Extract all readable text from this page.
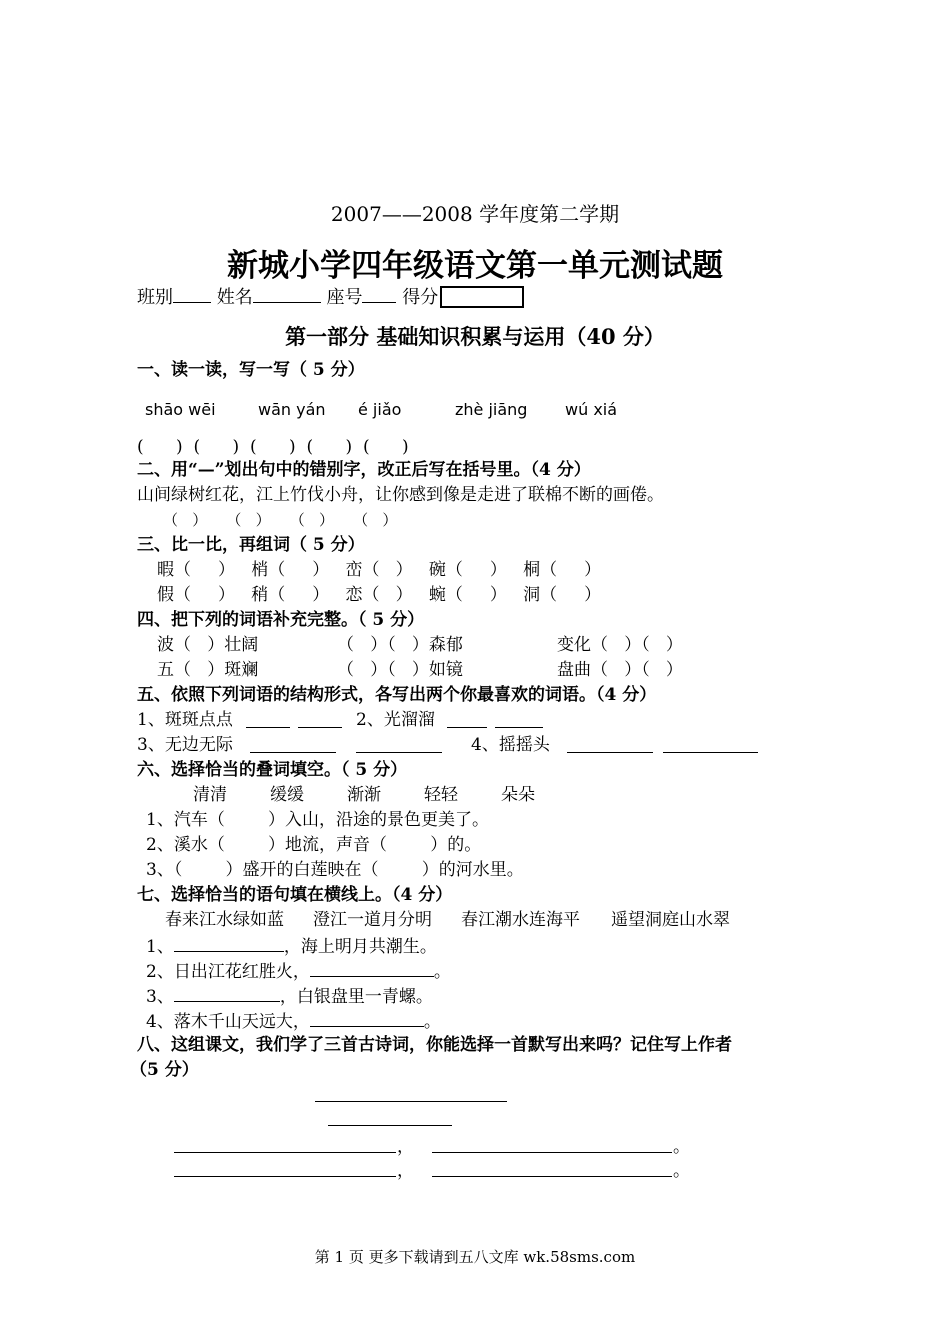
2007——2008 学年度第二学期
新城小学四年级语文第一单元测试题
班别 姓名	座号 得分
第一部分 基础知识积累与运用（40 分）
一、读一读，写一写（ 5 分）
shāo wēi	wān yán é jiǎo	zhè jiāng wú xiá
(      )  (      )  (      )  (      )  (      )
二、用“—”划出句中的错别字，改正后写在括号里。（4 分）
山间绿树红花，江上竹伐小舟，让你感到像是走进了联棉不断的画倦。
（   ）    （   ）    （   ）    （   ）
三、比一比，再组词（ 5 分）
暇（     ）   梢（     ）   峦（   ）   碗（     ）   桐（     ）
假（     ）   稍（     ）   恋（   ）   蜿（     ）   洞（     ）
四、把下列的词语补充完整。（ 5 分）
波（   ）壮阔	（   ）（   ）森郁	变化（   ）（   ）
五（   ）斑斓	（   ）（   ）如镜	盘曲（   ）（   ）
五、依照下列词语的结构形式，各写出两个你最喜欢的词语。（4 分）
1、斑斑点点	2、光溜溜
3、无边无际	4、摇摇头
六、选择恰当的叠词填空。（ 5 分）
清清	缓缓	渐渐	轻轻	朵朵
1、汽车（        ）入山，沿途的景色更美了。
2、溪水（        ）地流，声音（        ）的。
3、（        ）盛开的白莲映在（        ）的河水里。
七、选择恰当的语句填在横线上。（4 分）
春来江水绿如蓝 澄江一道月分明 春江潮水连海平 遥望洞庭山水翠
1、	，海上明月共潮生。
2、日出江花红胜火，	。
3、	，白银盘里一青螺。
4、落木千山天远大，	。
八、这组课文，我们学了三首古诗词，你能选择一首默写出来吗？记住写上作者
（5 分）
，	。
，	。
第 1 页 更多下载请到五八文库 wk.58sms.com
